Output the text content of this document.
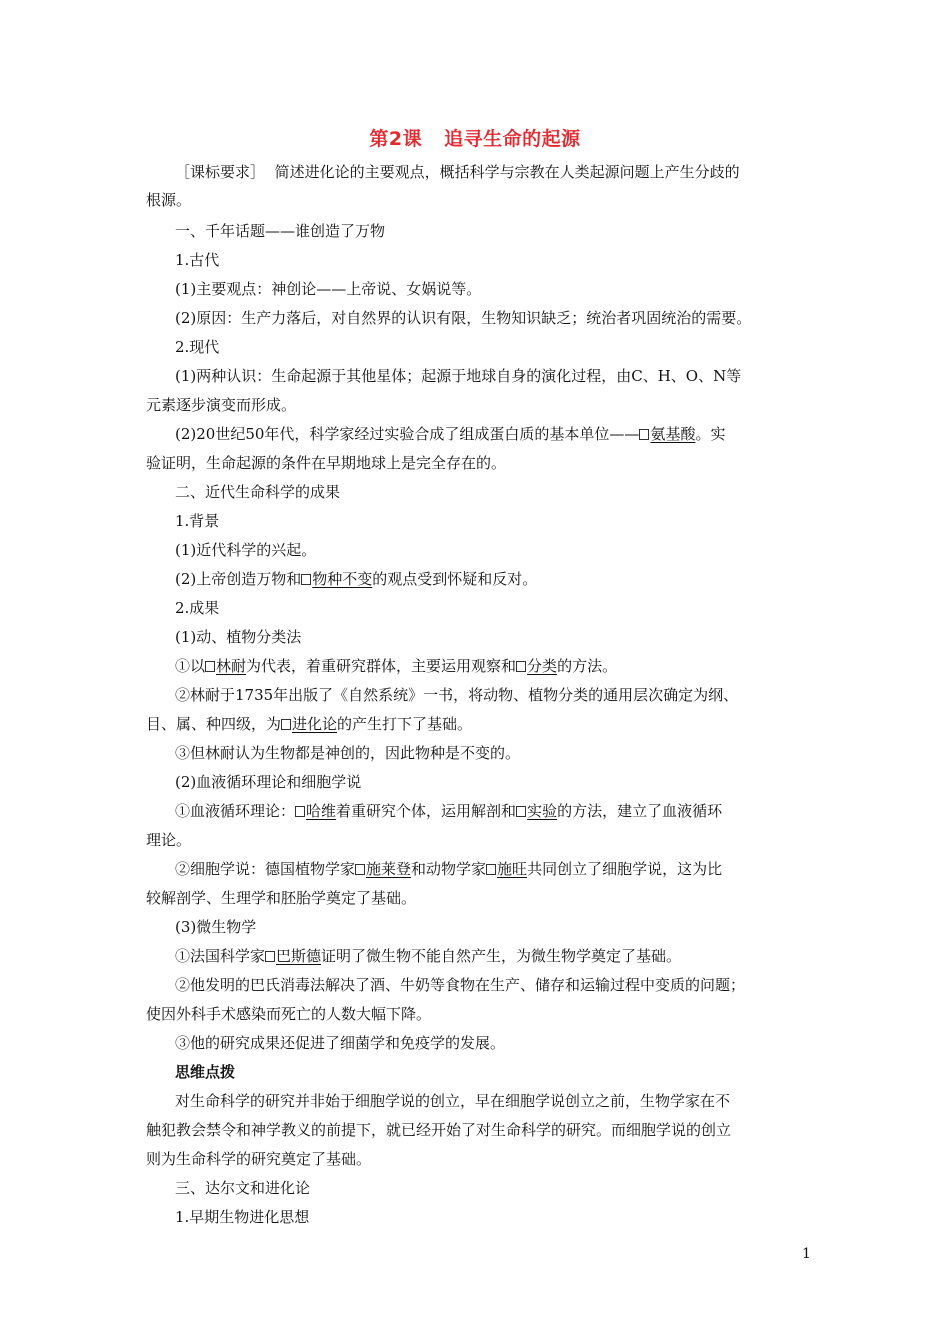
第2课 追寻生命的起源
［课标要求］ 简述进化论的主要观点，概括科学与宗教在人类起源问题上产生分歧的
根源。
一、千年话题——谁创造了万物
1.古代
(1)主要观点：神创论——上帝说、女娲说等。
(2)原因：生产力落后，对自然界的认识有限，生物知识缺乏；统治者巩固统治的需要。
2.现代
(1)两种认识：生命起源于其他星体；起源于地球自身的演化过程，由C、H、O、N等
元素逐步演变而形成。
(2)20世纪50年代，科学家经过实验合成了组成蛋白质的基本单位—— 氨基酸。实
验证明，生命起源的条件在早期地球上是完全存在的。
二、近代生命科学的成果
1.背景
(1)近代科学的兴起。
(2)上帝创造万物和 物种不变的观点受到怀疑和反对。
2.成果
(1)动、植物分类法
①以 林耐为代表，着重研究群体，主要运用观察和 分类的方法。
②林耐于1735年出版了《自然系统》一书，将动物、植物分类的通用层次确定为纲、
目、属、种四级，为 进化论的产生打下了基础。
③但林耐认为生物都是神创的，因此物种是不变的。
(2)血液循环理论和细胞学说
①血液循环理论： 哈维着重研究个体，运用解剖和 实验的方法，建立了血液循环
理论。
②细胞学说：德国植物学家 施莱登和动物学家 施旺共同创立了细胞学说，这为比
较解剖学、生理学和胚胎学奠定了基础。
(3)微生物学
①法国科学家 巴斯德证明了微生物不能自然产生，为微生物学奠定了基础。
②他发明的巴氏消毒法解决了酒、牛奶等食物在生产、储存和运输过程中变质的问题；
使因外科手术感染而死亡的人数大幅下降。
③他的研究成果还促进了细菌学和免疫学的发展。
思维点拨
对生命科学的研究并非始于细胞学说的创立，早在细胞学说创立之前，生物学家在不
触犯教会禁令和神学教义的前提下，就已经开始了对生命科学的研究。而细胞学说的创立
则为生命科学的研究奠定了基础。
三、达尔文和进化论
1.早期生物进化思想
1
